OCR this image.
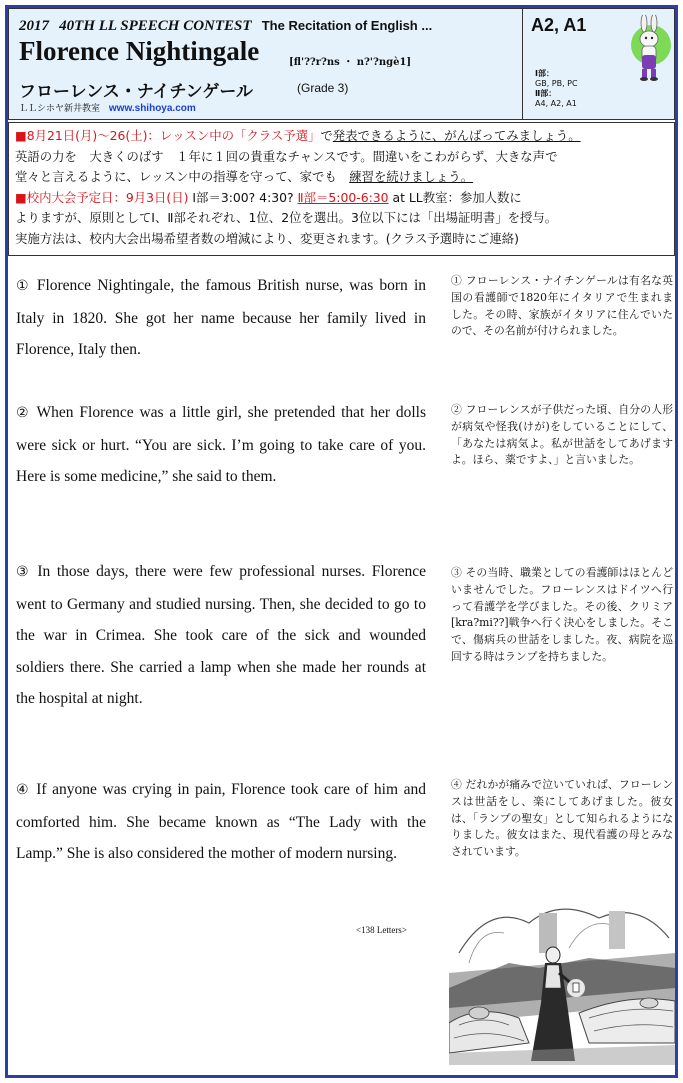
2017 40TH LL SPEECH CONTEST The Recitation of English ...
Florence Nightingale	[fl'??r?ns ・ n?'?ngè1]
フローレンス・ナイチンゲール	(Grade 3)
ＬＬシホヤ新井教室 www.shihoya.com
A2, A1
Ⅰ部：
GB, PB, PC
Ⅱ部：
A4, A2, A1
■8月21日(月)～26(土)：レッスン中の「クラス予選」で発表できるように、がんばってみましょう。
英語の力を　大きくのばす　１年に１回の貴重なチャンスです。間違いをこわがらず、大きな声で
堂々と言えるように、レッスン中の指導を守って、家でも　練習を続けましょう。
■校内大会予定日：9月3日(日) Ⅰ部＝3:00? 4:30? Ⅱ部＝5:00-6:30 at LL教室：参加人数に
よりますが、原則としてⅠ、Ⅱ部それぞれ、1位、2位を選出。3位以下には「出場証明書」を授与。
実施方法は、校内大会出場希望者数の増減により、変更されます。(クラス予選時にご連絡)
① Florence Nightingale, the famous British nurse, was born in Italy in 1820. She got her name because her family lived in Florence, Italy then.
① フローレンス・ナイチンゲールは有名な英国の看護師で1820年にイタリアで生まれました。その時、家族がイタリアに住んでいたので、その名前が付けられました。
② When Florence was a little girl, she pretended that her dolls were sick or hurt. “You are sick. I’m going to take care of you. Here is some medicine,” she said to them.
② フローレンスが子供だった頃、自分の人形が病気や怪我(けが)をしていることにして、「あなたは病気よ。私が世話をしてあげますよ。ほら、薬ですよ、」と言いました。
③ In those days, there were few professional nurses. Florence went to Germany and studied nursing. Then, she decided to go to the war in Crimea. She took care of the sick and wounded soldiers there. She carried a lamp when she made her rounds at the hospital at night.
③ その当時、職業としての看護師はほとんどいませんでした。フローレンスはドイツへ行って看護学を学びました。その後、クリミア[kra?mi??]戦争へ行く決心をしました。そこで、傷病兵の世話をしました。夜、病院を巡回する時はランプを持ちました。
④ If anyone was crying in pain, Florence took care of him and comforted him. She became known as “The Lady with the Lamp.” She is also considered the mother of modern nursing.
④ だれかが痛みで泣いていれば、フローレンスは世話をし、楽にしてあげました。彼女は、「ランプの聖女」として知られるようになりました。彼女はまた、現代看護の母とみなされています。
<138 Letters>
